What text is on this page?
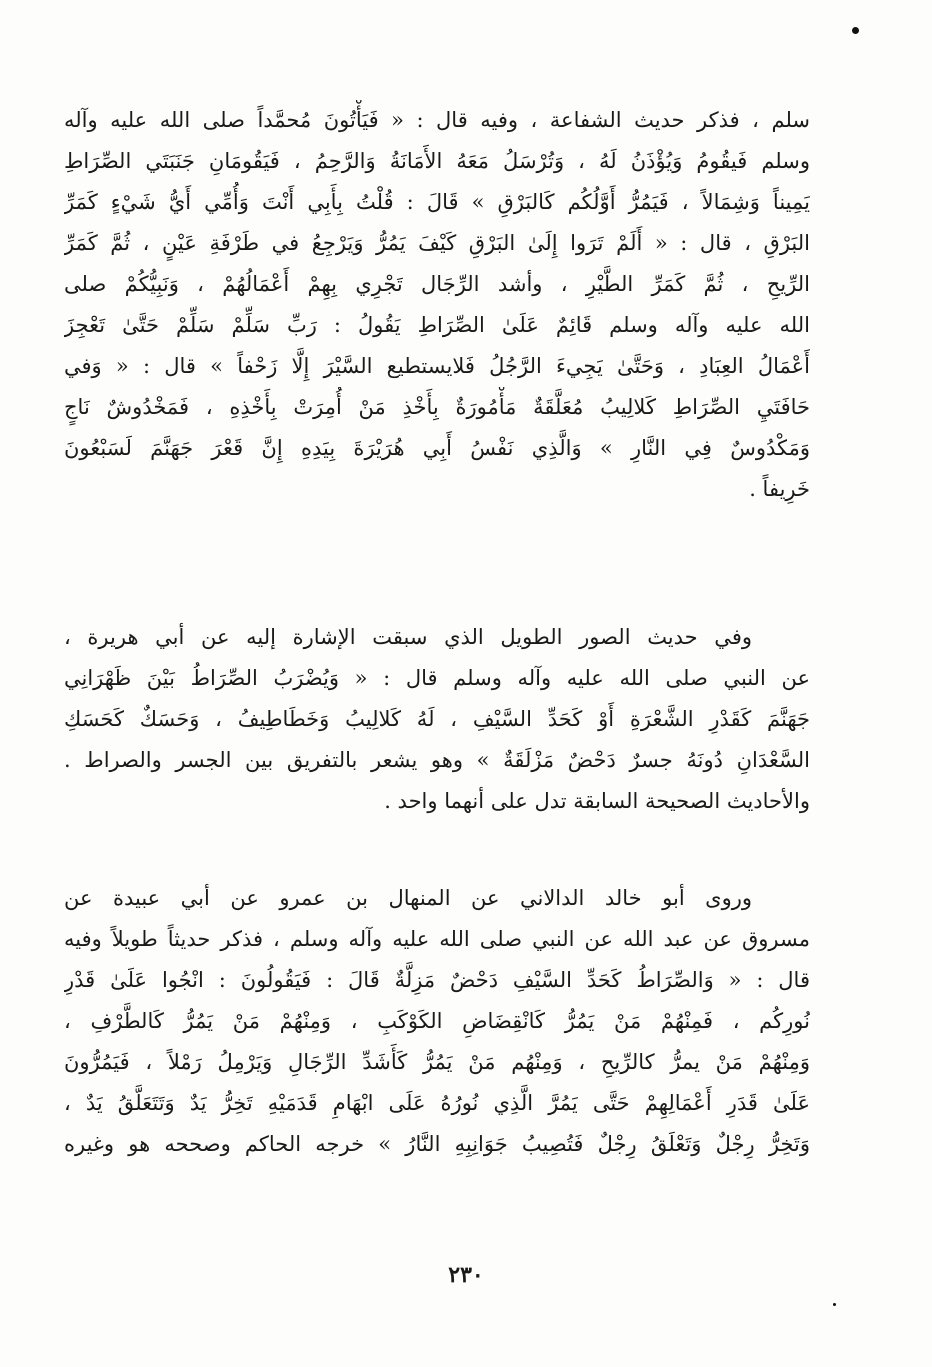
سلم ، فذكر حديث الشفاعة ، وفيه قال : « فَيَأْتُونَ مُحمَّداً صلى الله عليه وآله
وسلم فَيقُومُ وَيُؤْذَنُ لَهُ ، وَتُرْسَلُ مَعَهُ الأَمَانَةُ وَالرَّحِمُ ، فَيَقُومَانِ جَنَبَتَي الصِّرَاطِ
يَمِيناً وَشِمَالاً ، فَيَمُرُّ أَوَّلُكُم كَالبَرْقِ » قَالَ : قُلْتُ بِأَبِي أَنْتَ وَأُمِّي أَيُّ شَيْءٍ كَمَرِّ
البَرْقِ ، قال : « أَلَمْ تَرَوا إِلَىٰ البَرْقِ كَيْفَ يَمُرُّ وَيَرْجِعُ في طَرْفَةِ عَيْنٍ ، ثُمَّ كَمَرِّ
الرِّيحِ ، ثُمَّ كَمَرِّ الطَّيْرِ ، وأشد الرِّجَال تَجْرِي بِهِمْ أَعْمَالُهُمْ ، وَنَبِيُّكُمْ صلى
الله عليه وآله وسلم قَائِمٌ عَلَىٰ الصِّرَاطِ يَقُولُ : رَبِّ سَلِّمْ سَلِّمْ حَتَّىٰ تَعْجِزَ
أَعْمَالُ العِبَادِ ، وَحَتَّىٰ يَجِيءَ الرَّجُلُ فَلايستطيع السَّيْرَ إِلَّا زَحْفاً » قال : « وَفي
حَافَتَيِ الصِّرَاطِ كَلالِيبُ مُعَلَّقَةٌ مَأْمُورَةٌ بِأَخْذِ مَنْ أُمِرَتْ بِأَخْذِهِ ، فَمَخْدُوشٌ نَاجٍ
وَمَكْدُوسٌ فِي النَّارِ » وَالَّذِي نَفْسُ أَبِي هُرَيْرَةَ بِيَدِهِ إِنَّ قَعْرَ جَهَنَّمَ لَسَبْعُونَ
خَرِيفاً .
وفي حديث الصور الطويل الذي سبقت الإشارة إليه عن أبي هريرة ،
عن النبي صلى الله عليه وآله وسلم قال : « وَيُضْرَبُ الصِّرَاطُ بَيْنَ ظَهْرَانِي
جَهَنَّمَ كَقَدْرِ الشَّعْرَةِ أَوْ كَحَدِّ السَّيْفِ ، لَهُ كَلالِيبُ وَخَطَاطِيفُ ، وَحَسَكٌ كَحَسَكِ
السَّعْدَانِ دُونَهُ جسرٌ دَحْضٌ مَزْلَقَةٌ » وهو يشعر بالتفريق بين الجسر والصراط .
والأحاديث الصحيحة السابقة تدل على أنهما واحد .
وروى أبو خالد الدالاني عن المنهال بن عمرو عن أبي عبيدة عن
مسروق عن عبد الله عن النبي صلى الله عليه وآله وسلم ، فذكر حديثاً طويلاً وفيه
قال : « وَالصِّرَاطُ كَحَدِّ السَّيْفِ دَحْضٌ مَزِلَّةٌ قَالَ : فَيَقُولُونَ : انْجُوا عَلَىٰ قَدْرِ
نُورِكُم ، فَمِنْهُمْ مَنْ يَمُرُّ كَانْقِضَاضِ الكَوْكَبِ ، وَمِنْهُمْ مَنْ يَمُرُّ كَالطَّرْفِ ،
وَمِنْهُمْ مَنْ يمرُّ كالرِّيحِ ، وَمِنْهُم مَنْ يَمُرُّ كَأَشَدِّ الرِّجَالِ وَيَرْمِلُ رَمْلاً ، فَيَمُرُّونَ
عَلَىٰ قَدَرِ أَعْمَالِهِمْ حَتَّى يَمُرَّ الَّذِي نُورُهُ عَلَى ابْهَامِ قَدَمَيْهِ تَخِرُّ يَدٌ وَتَتَعَلَّقُ يَدٌ ،
وَتَخِرُّ رِجْلٌ وَتَعْلَقُ رِجْلٌ فَتُصِيبُ جَوَانِبِهِ النَّارُ » خرجه الحاكم وصححه هو وغيره
٢٣٠
